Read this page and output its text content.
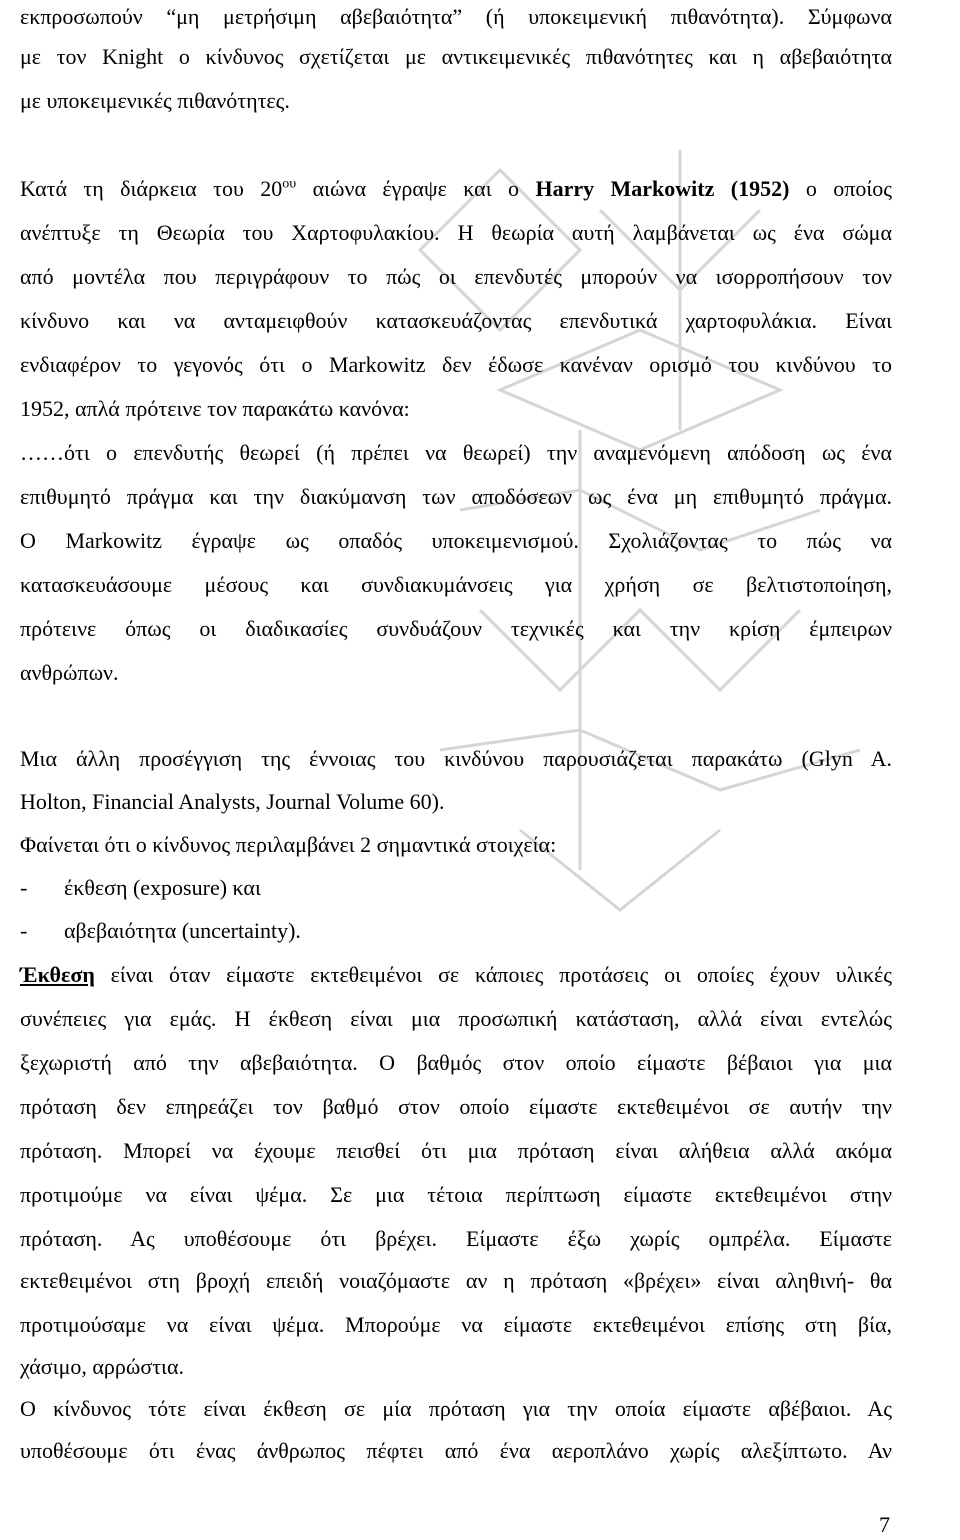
εκπροσωπούν “μη μετρήσιμη αβεβαιότητα” (ή υποκειμενική πιθανότητα). Σύμφωνα
με τον Knight ο κίνδυνος σχετίζεται με αντικειμενικές πιθανότητες και η αβεβαιότητα
με υποκειμενικές πιθανότητες.
Κατά τη διάρκεια του $20^{o\upsilon}$ αιώνα έγραψε και ο Harry Markowitz (1952) ο οποίος
ανέπτυξε τη Θεωρία του Χαρτοφυλακίου. Η θεωρία αυτή λαμβάνεται ως ένα σώμα
από μοντέλα που περιγράφουν το πώς οι επενδυτές μπορούν να ισορροπήσουν τον
κίνδυνο και να ανταμειφθούν κατασκευάζοντας επενδυτικά χαρτοφυλάκια. Είναι
ενδιαφέρον το γεγονός ότι ο Markowitz δεν έδωσε κανέναν ορισμό του κινδύνου το
1952, απλά πρότεινε τον παρακάτω κανόνα:
……ότι ο επενδυτής θεωρεί (ή πρέπει να θεωρεί) την αναμενόμενη απόδοση ως ένα
επιθυμητό πράγμα και την διακύμανση των αποδόσεων ως ένα μη επιθυμητό πράγμα.
Ο Markowitz έγραψε ως οπαδός υποκειμενισμού. Σχολιάζοντας το πώς να
κατασκευάσουμε μέσους και συνδιακυμάνσεις για χρήση σε βελτιστοποίηση,
πρότεινε όπως οι διαδικασίες συνδυάζουν τεχνικές και την κρίση έμπειρων
ανθρώπων.
Μια άλλη προσέγγιση της έννοιας του κινδύνου παρουσιάζεται παρακάτω (Glyn A.
Holton, Financial Analysts, Journal Volume 60).
Φαίνεται ότι ο κίνδυνος περιλαμβάνει 2 σημαντικά στοιχεία:
- έκθεση (exposure) και
- αβεβαιότητα (uncertainty).
Έκθεση είναι όταν είμαστε εκτεθειμένοι σε κάποιες προτάσεις οι οποίες έχουν υλικές
συνέπειες για εμάς. Η έκθεση είναι μια προσωπική κατάσταση, αλλά είναι εντελώς
ξεχωριστή από την αβεβαιότητα. Ο βαθμός στον οποίο είμαστε βέβαιοι για μια
πρόταση δεν επηρεάζει τον βαθμό στον οποίο είμαστε εκτεθειμένοι σε αυτήν την
πρόταση. Μπορεί να έχουμε πεισθεί ότι μια πρόταση είναι αλήθεια αλλά ακόμα
προτιμούμε να είναι ψέμα. Σε μια τέτοια περίπτωση είμαστε εκτεθειμένοι στην
πρόταση. Ας υποθέσουμε ότι βρέχει. Είμαστε έξω χωρίς ομπρέλα. Είμαστε
εκτεθειμένοι στη βροχή επειδή νοιαζόμαστε αν η πρόταση «βρέχει» είναι αληθινή- θα
προτιμούσαμε να είναι ψέμα. Μπορούμε να είμαστε εκτεθειμένοι επίσης στη βία,
χάσιμο, αρρώστια.
Ο κίνδυνος τότε είναι έκθεση σε μία πρόταση για την οποία είμαστε αβέβαιοι. Ας
υποθέσουμε ότι ένας άνθρωπος πέφτει από ένα αεροπλάνο χωρίς αλεξίπτωτο. Αν
7
